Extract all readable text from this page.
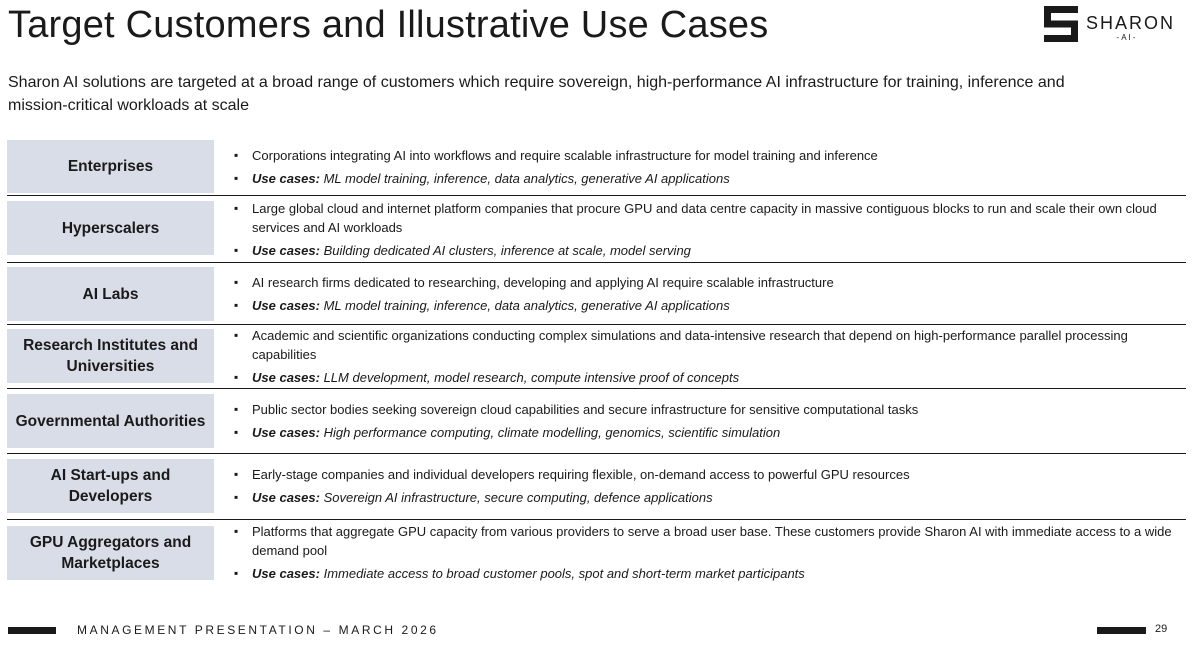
Target Customers and Illustrative Use Cases	SHARON
-AI-

Sharon AI solutions are targeted at a broad range of customers which require sovereign, high-performance AI infrastructure for training, inference and mission-critical workloads at scale

Enterprises
▪ Corporations integrating AI into workflows and require scalable infrastructure for model training and inference
▪ Use cases: ML model training, inference, data analytics, generative AI applications
Hyperscalers
▪ Large global cloud and internet platform companies that procure GPU and data centre capacity in massive contiguous blocks to run and scale their own cloud services and AI workloads
▪ Use cases: Building dedicated AI clusters, inference at scale, model serving
AI Labs
▪ AI research firms dedicated to researching, developing and applying AI require scalable infrastructure
▪ Use cases: ML model training, inference, data analytics, generative AI applications
Research Institutes and Universities
▪ Academic and scientific organizations conducting complex simulations and data-intensive research that depend on high-performance parallel processing capabilities
▪ Use cases: LLM development, model research, compute intensive proof of concepts
Governmental Authorities
▪ Public sector bodies seeking sovereign cloud capabilities and secure infrastructure for sensitive computational tasks
▪ Use cases: High performance computing, climate modelling, genomics, scientific simulation
AI Start-ups and Developers
▪ Early-stage companies and individual developers requiring flexible, on-demand access to powerful GPU resources
▪ Use cases: Sovereign AI infrastructure, secure computing, defence applications
GPU Aggregators and Marketplaces
▪ Platforms that aggregate GPU capacity from various providers to serve a broad user base. These customers provide Sharon AI with immediate access to a wide demand pool
▪ Use cases: Immediate access to broad customer pools, spot and short-term market participants
MANAGEMENT PRESENTATION – MARCH 2026	29
